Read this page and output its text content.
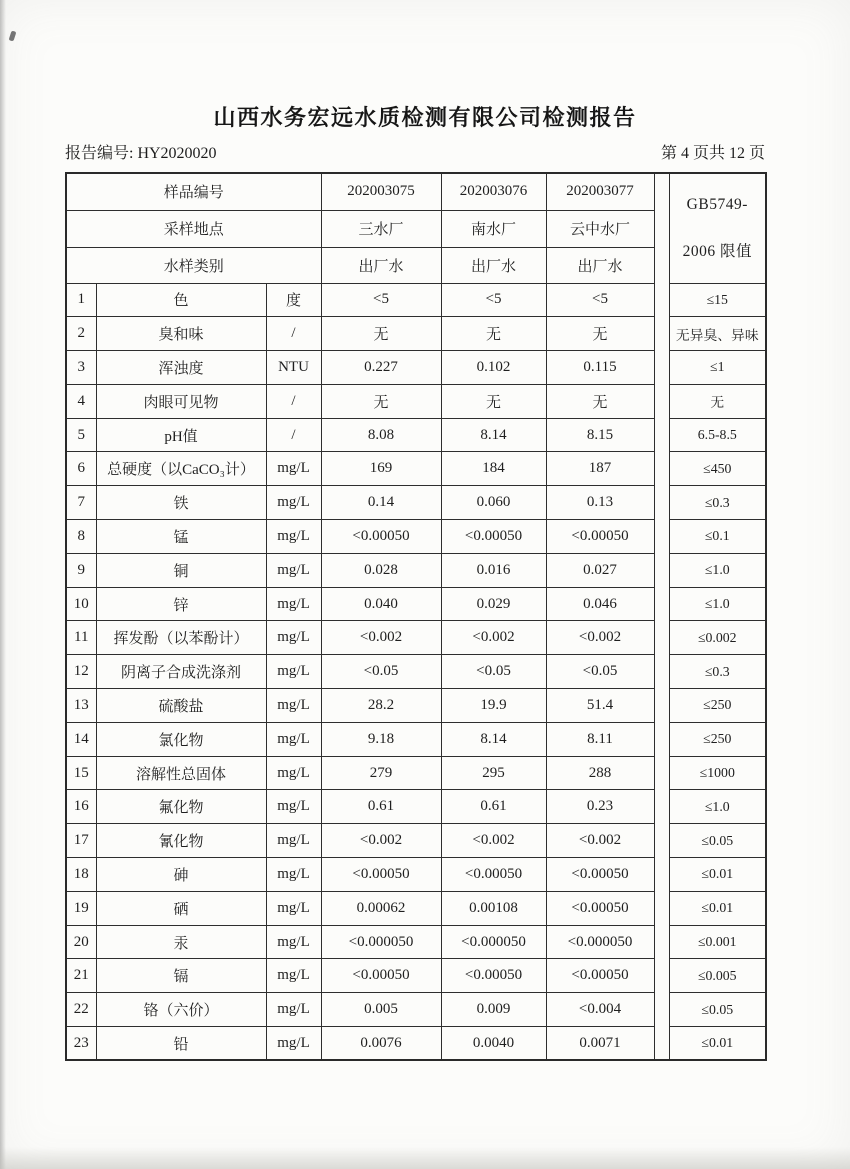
山西水务宏远水质检测有限公司检测报告
报告编号: HY2020020	第 4 页共 12 页
样品编号			202003075	202003076	202003077		GB5749-
2006 限值

采样地点			三水厂	南水厂	云中水厂		
水样类别			出厂水	出厂水	出厂水		
1	色	度	<5	<5	<5		≤15
2	臭和味	/	无	无	无		无异臭、异味
3	浑浊度	NTU	0.227	0.102	0.115		≤1
4	肉眼可见物	/	无	无	无		无
5	pH值	/	8.08	8.14	8.15		6.5-8.5
6	总硬度（以CaCO₃计）	mg/L	169	184	187		≤450
7	铁	mg/L	0.14	0.060	0.13		≤0.3
8	锰	mg/L	<0.00050	<0.00050	<0.00050		≤0.1
9	铜	mg/L	0.028	0.016	0.027		≤1.0
10	锌	mg/L	0.040	0.029	0.046		≤1.0
11	挥发酚（以苯酚计）	mg/L	<0.002	<0.002	<0.002		≤0.002
12	阴离子合成洗涤剂	mg/L	<0.05	<0.05	<0.05		≤0.3
13	硫酸盐	mg/L	28.2	19.9	51.4		≤250
14	氯化物	mg/L	9.18	8.14	8.11		≤250
15	溶解性总固体	mg/L	279	295	288		≤1000
16	氟化物	mg/L	0.61	0.61	0.23		≤1.0
17	氰化物	mg/L	<0.002	<0.002	<0.002		≤0.05
18	砷	mg/L	<0.00050	<0.00050	<0.00050		≤0.01
19	硒	mg/L	0.00062	0.00108	<0.00050		≤0.01
20	汞	mg/L	<0.000050	<0.000050	<0.000050		≤0.001
21	镉	mg/L	<0.00050	<0.00050	<0.00050		≤0.005
22	铬（六价）	mg/L	0.005	0.009	<0.004		≤0.05
23	铅	mg/L	0.0076	0.0040	0.0071		≤0.01
